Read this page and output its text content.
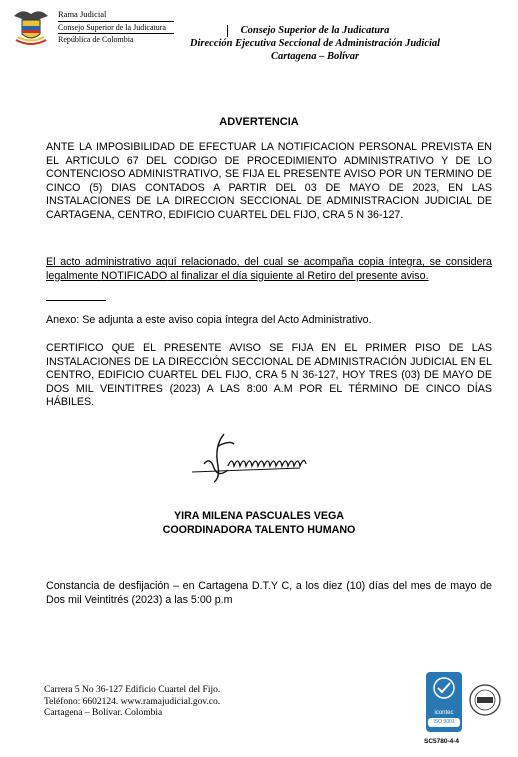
Rama Judicial
Consejo Superior de la Judicatura
República de Colombia
Consejo Superior de la Judicatura
Dirección Ejecutiva Seccional de Administración Judicial
Cartagena – Bolívar
ADVERTENCIA
ANTE LA IMPOSIBILIDAD DE EFECTUAR LA NOTIFICACION PERSONAL PREVISTA EN EL ARTICULO 67 DEL CODIGO DE PROCEDIMIENTO ADMINISTRATIVO Y DE LO CONTENCIOSO ADMINISTRATIVO, SE FIJA EL PRESENTE AVISO POR UN TERMINO DE CINCO (5) DIAS CONTADOS A PARTIR DEL 03 DE MAYO DE 2023, EN LAS INSTALACIONES DE LA DIRECCION SECCIONAL DE ADMINISTRACION JUDICIAL DE CARTAGENA, CENTRO, EDIFICIO CUARTEL DEL FIJO, CRA 5 N 36-127.
El acto administrativo aquí relacionado, del cual se acompaña copia íntegra, se considera legalmente NOTIFICADO al finalizar el día siguiente al Retiro del presente aviso.
Anexo: Se adjunta a este aviso copia íntegra del Acto Administrativo.
CERTIFICO QUE EL PRESENTE AVISO SE FIJA EN EL PRIMER PISO DE LAS INSTALACIONES DE LA DIRECCIÓN SECCIONAL DE ADMINISTRACIÓN JUDICIAL EN EL CENTRO, EDIFICIO CUARTEL DEL FIJO, CRA 5 N 36-127, HOY TRES (03) DE MAYO DE DOS MIL VEINTITRES (2023) A LAS 8:00 A.M POR EL TÉRMINO DE CINCO DÍAS HÁBILES.
YIRA MILENA PASCUALES VEGA
COORDINADORA TALENTO HUMANO
Constancia de desfijación – en Cartagena D.T.Y C, a los diez (10) días del mes de mayo de Dos mil Veintitrés (2023) a las 5:00 p.m
Carrera 5 No 36-127 Edificio Cuartel del Fijo.
Teléfono: 6602124. www.ramajudicial.gov.co.
Cartagena – Bolívar. Colombia	icontec
ISO 9001
SC5780-4-4
